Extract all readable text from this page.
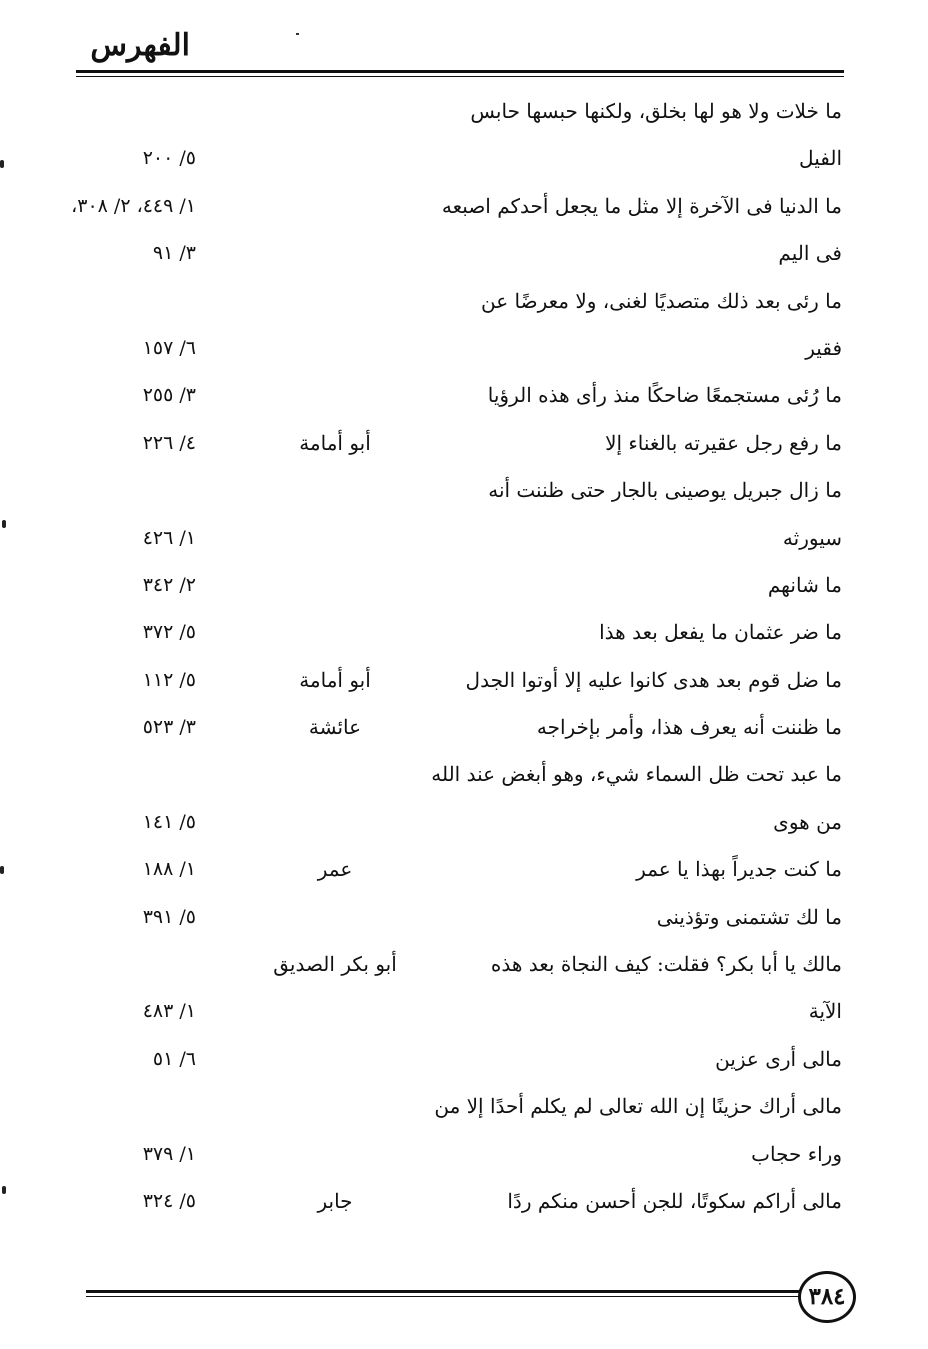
الفهرس
ما خلات ولا هو لها بخلق، ولكنها حبسها حابس
الفيل
٥/ ٢٠٠
ما الدنيا فى الآخرة إلا مثل ما يجعل أحدكم اصبعه
١/ ٤٤٩، ٢/ ٣٠٨،
فى اليم
٣/ ٩١
ما رئى بعد ذلك متصديًا لغنى، ولا معرضًا عن
فقير
٦/ ١٥٧
ما رُئى مستجمعًا ضاحكًا منذ رأى هذه الرؤيا
٣/ ٢٥٥
ما رفع رجل عقيرته بالغناء إلا
أبو أمامة
٤/ ٢٢٦
ما زال جبريل يوصينى بالجار حتى ظننت أنه
سيورثه
١/ ٤٢٦
ما شانهم
٢/ ٣٤٢
ما ضر عثمان ما يفعل بعد هذا
٥/ ٣٧٢
ما ضل قوم بعد هدى كانوا عليه إلا أوتوا الجدل
أبو أمامة
٥/ ١١٢
ما ظننت أنه يعرف هذا، وأمر بإخراجه
عائشة
٣/ ٥٢٣
ما عبد تحت ظل السماء شيء، وهو أبغض عند الله
من هوى
٥/ ١٤١
ما كنت جديراً بهذا يا عمر
عمر
١/ ١٨٨
ما لك تشتمنى وتؤذينى
٥/ ٣٩١
مالك يا أبا بكر؟ فقلت: كيف النجاة بعد هذه
أبو بكر الصديق
الآية
١/ ٤٨٣
مالى أرى عزين
٦/ ٥١
مالى أراك حزينًا إن الله تعالى لم يكلم أحدًا إلا من
وراء حجاب
١/ ٣٧٩
مالى أراكم سكوتًا، للجن أحسن منكم ردًا
جابر
٥/ ٣٢٤
٣٨٤
